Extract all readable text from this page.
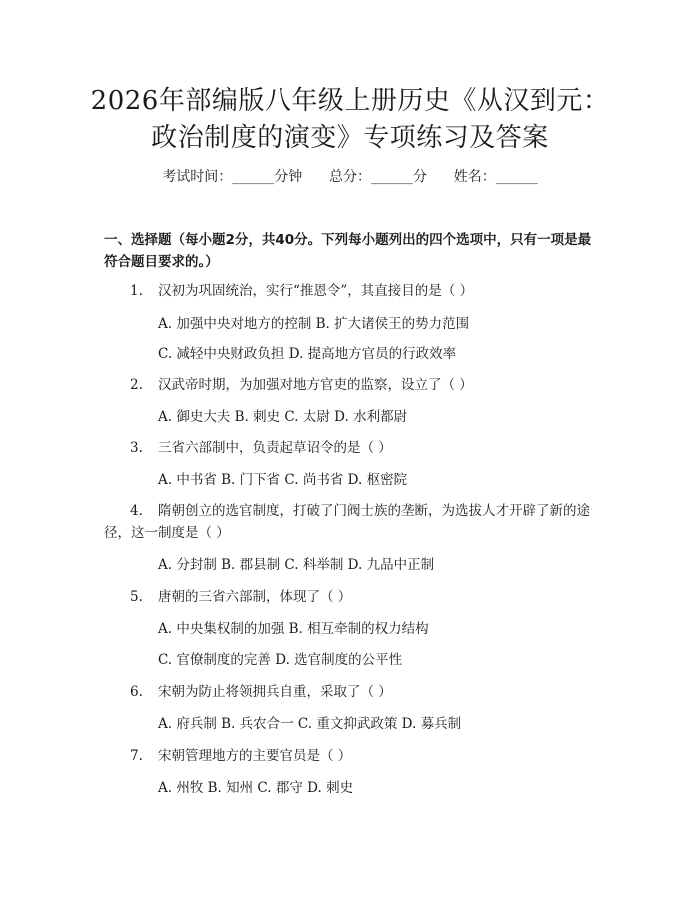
2026年部编版八年级上册历史《从汉到元：
政治制度的演变》专项练习及答案
考试时间：______分钟      总分：______分      姓名：______
一、选择题（每小题2分，共40分。下列每小题列出的四个选项中，只有一项是最符合题目要求的。）
1.	汉初为巩固统治，实行“推恩令”，其直接目的是（ ）
A. 加强中央对地方的控制 B. 扩大诸侯王的势力范围
C. 减轻中央财政负担 D. 提高地方官员的行政效率
2.	汉武帝时期，为加强对地方官吏的监察，设立了（ ）
A. 御史大夫 B. 刺史 C. 太尉 D. 水利都尉
3.	三省六部制中，负责起草诏令的是（ ）
A. 中书省 B. 门下省 C. 尚书省 D. 枢密院
4.	隋朝创立的选官制度，打破了门阀士族的垄断，为选拔人才开辟了新的途径，这一制度是（ ）
A. 分封制 B. 郡县制 C. 科举制 D. 九品中正制
5.	唐朝的三省六部制，体现了（ ）
A. 中央集权制的加强 B. 相互牵制的权力结构
C. 官僚制度的完善 D. 选官制度的公平性
6.	宋朝为防止将领拥兵自重，采取了（ ）
A. 府兵制 B. 兵农合一 C. 重文抑武政策 D. 募兵制
7.	宋朝管理地方的主要官员是（ ）
A. 州牧 B. 知州 C. 郡守 D. 刺史
